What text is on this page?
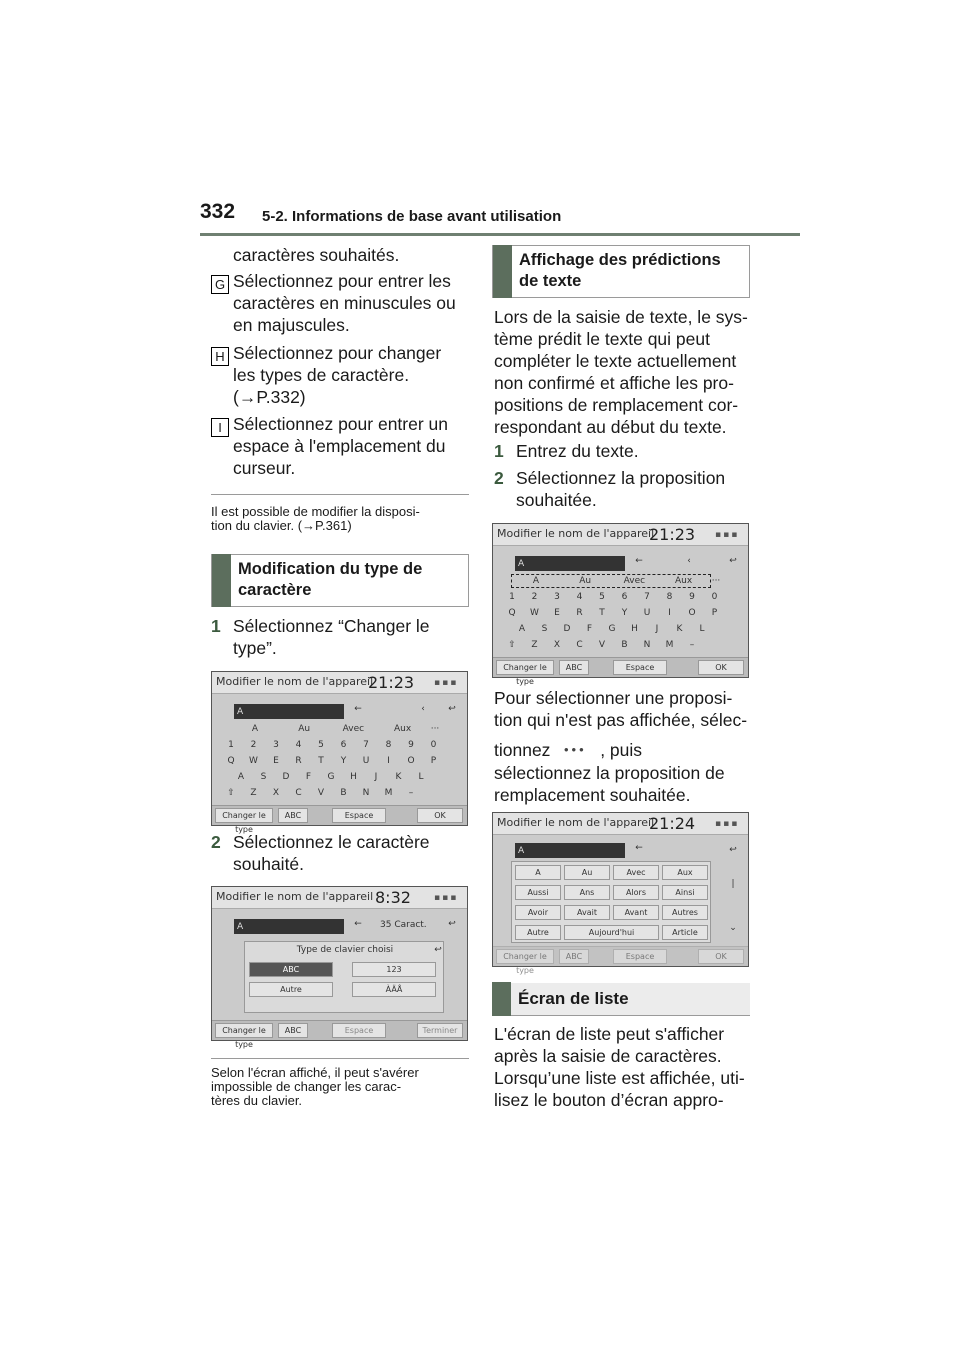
332 5-2. Informations de base avant utilisation
caractères souhaités.
G Sélectionnez pour entrer les
caractères en minuscules ou
en majuscules.
H Sélectionnez pour changer
les types de caractère.
(→P.332)
I Sélectionnez pour entrer un
espace à l'emplacement du
curseur.
Il est possible de modifier la disposi-
tion du clavier. (→P.361)
Modification du type de
caractère
1 Sélectionnez “Changer le
type”.
Modifier le nom de l'appareil
21:23 ▪▪▪
A	←	‹	↩
Changer le type
ABC	Espace	OK
A	Au	Avec	Aux	···
1	2	3	4	5	6	7	8	9	0
Q	W	E	R	T	Y	U	I	O	P
A	S	D	F	G	H	J	K	L
⇧	Z	X	C	V	B	N	M	–
2 Sélectionnez le caractère
souhaité.
Modifier le nom de l'appareil 8:32	▪▪▪
A	← 35 Caract.	↩
Type de clavier choisi	↩
ABC	123
Autre	ÀÄÅ
Changer le type
ABC	Espace	Terminer
Selon l'écran affiché, il peut s'avérer
impossible de changer les carac-
tères du clavier.
Affichage des prédictions
de texte
Lors de la saisie de texte, le sys-
tème prédit le texte qui peut
compléter le texte actuellement
non confirmé et affiche les pro-
positions de remplacement cor-
respondant au début du texte.
1 Entrez du texte.
2 Sélectionnez la proposition
souhaitée.
Modifier le nom de l'appareil
21:23 ▪▪▪
A	←	‹	↩
Changer le type
ABC	Espace	OK
A	Au	Avec	Aux	···
1	2	3	4	5	6	7	8	9	0
Q	W	E	R	T	Y	U	I	O	P
A	S	D	F	G	H	J	K	L
⇧	Z	X	C	V	B	N	M	–
Pour sélectionner une proposi-
tion qui n'est pas affichée, sélec-
tionnez ••• , puis
sélectionnez la proposition de
remplacement souhaitée.
Modifier le nom de l'appareil
21:24 ▪▪▪
A	←	↩
|
⌄
Changer le type
ABC	Espace	OK
A	Au	Avec	Aux
Aussi	Ans	Alors	Ainsi
Avoir	Avait	Avant	Autres
Autre	Aujourd'hui	Article
Écran de liste
L'écran de liste peut s'afficher
après la saisie de caractères.
Lorsqu’une liste est affichée, uti-
lisez le bouton d’écran appro-
